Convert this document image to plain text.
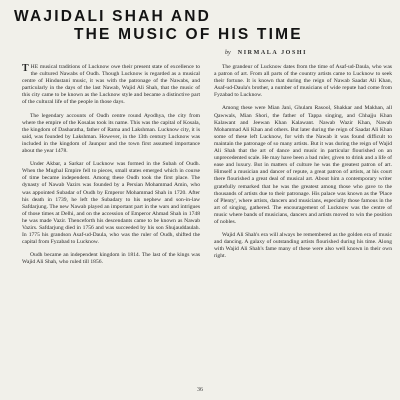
WAJIDALI SHAH AND
THE MUSIC OF HIS TIME
by NIRMALA JOSHI

THE musical traditions of Lucknow owe their present state of excellence to the cultured Nawabs of Oudh. Though Lucknow is regarded as a musical centre of Hindustani music, it was with the patronage of the Nawabs, and particularly in the days of the last Nawab, Wajid Ali Shah, that the music of this city came to be known as the Lucknow style and became a distinctive part of the cultural life of the people in those days.

The legendary accounts of Oudh centre round Ayodhya, the city from where the empire of the Kosalas took its name. This was the capital of Kosala, the kingdom of Dasharatha, father of Rama and Lakshman. Lucknow city, it is said, was founded by Lakshman. However, in the 13th century Lucknow was included in the kingdom of Jaunpur and the town first assumed importance about the year 1478.

Under Akbar, a Sarkar of Lucknow was formed in the Subah of Oudh. When the Mughal Empire fell to pieces, small states emerged which in course of time became independent. Among these Oudh took the first place. The dynasty of Nawab Vazirs was founded by a Persian Mohammad Amin, who was appointed Subadar of Oudh by Emperor Mohammad Shah in 1720. After his death in 1739, he left the Subadary to his nephew and son-in-law Safdarjung. The new Nawab played an important part in the wars and intrigues of those times at Delhi, and on the accession of Emperor Ahmad Shah in 1748 he was made Vazir. Thenceforth his descendants came to be known as Nawab Vazirs. Safdarjung died in 1756 and was succeeded by his son Shujauddaulah. In 1775 his grandson Asaf-ud-Daula, who was the ruler of Oudh, shifted the capital from Fyzabad to Lucknow.

Oudh became an independent kingdom in 1814. The last of the kings was Wajid Ali Shah, who ruled till 1856.

The grandeur of Lucknow dates from the time of Asaf-ud-Daula, who was a patron of art. From all parts of the country artists came to Lucknow to seek their fortune. It is known that during the reign of Nawab Saadat Ali Khan, Asaf-ud-Daula's brother, a number of musicians of wide repute had come from Fyzabad to Lucknow.

Among these were Mian Jani, Ghulam Rasool, Shakkar and Makhan, all Qawwals, Mian Shori, the father of Tappa singing, and Chhajju Khan Kalawant and Jeewan Khan Kalawant. Nawab Wazir Khan, Nawab Mohammad Ali Khan and others. But later during the reign of Saadat Ali Khan some of these left Lucknow, for with the Nawab it was found difficult to maintain the patronage of so many artists. But it was during the reign of Wajid Ali Shah that the art of dance and music in particular flourished on an unprecedented scale. He may have been a bad ruler, given to drink and a life of ease and luxury. But in matters of culture he was the greatest patron of art. Himself a musician and dancer of repute, a great patron of artists, at his court there flourished a great deal of musical art. About him a contemporary writer gratefully remarked that he was the greatest among those who gave to the thousands of artists due to their patronage. His palace was known as the 'Place of Plenty', where artists, dancers and musicians, especially those famous in the art of singing, gathered. The encouragement of Lucknow was the centre of music where bands of musicians, dancers and artists moved to win the position of nobles.

Wajid Ali Shah's era will always be remembered as the golden era of music and dancing. A galaxy of outstanding artists flourished during his time. Along with Wajid Ali Shah's fame many of these were also well known in their own right.

36
